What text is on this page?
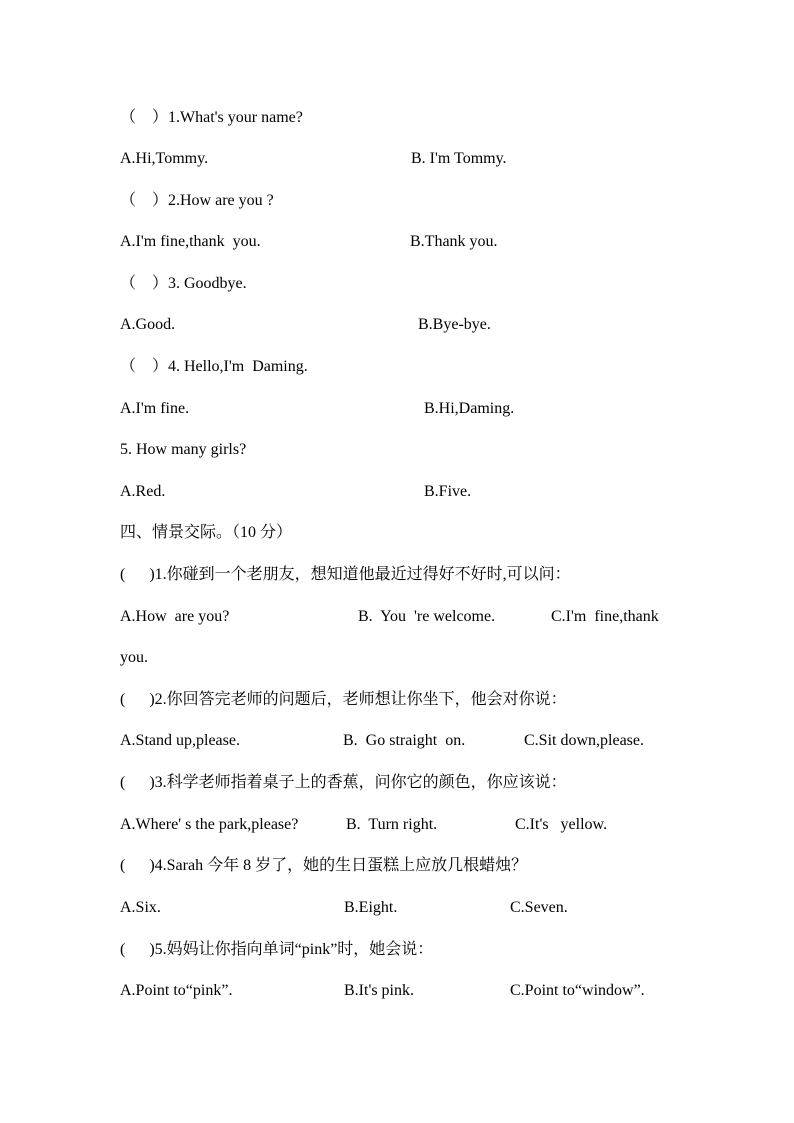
（    ）1.What's your name?
A.Hi,Tommy.	B. I'm Tommy.
（    ）2.How are you ?
A.I'm fine,thank  you.	B.Thank you.
（    ）3. Goodbye.
A.Good.	B.Bye-bye.
（    ）4. Hello,I'm  Daming.
A.I'm fine.	B.Hi,Daming.
5. How many girls?
A.Red.	B.Five.
四、情景交际。（10 分）
(      )1.你碰到一个老朋友，想知道他最近过得好不好时,可以问：
A.How  are you?	B.  You  're welcome.	C.I'm  fine,thank
you.
(      )2.你回答完老师的问题后，老师想让你坐下，他会对你说：
A.Stand up,please.	B.  Go straight  on.	C.Sit down,please.
(      )3.科学老师指着桌子上的香蕉，问你它的颜色，你应该说：
A.Where' s the park,please?	B.  Turn right.	C.It's   yellow.
(      )4.Sarah 今年 8 岁了，她的生日蛋糕上应放几根蜡烛？
A.Six.	B.Eight.	C.Seven.
(      )5.妈妈让你指向单词“pink”时，她会说：
A.Point to“pink”.	B.It's pink.	C.Point to“window”.
